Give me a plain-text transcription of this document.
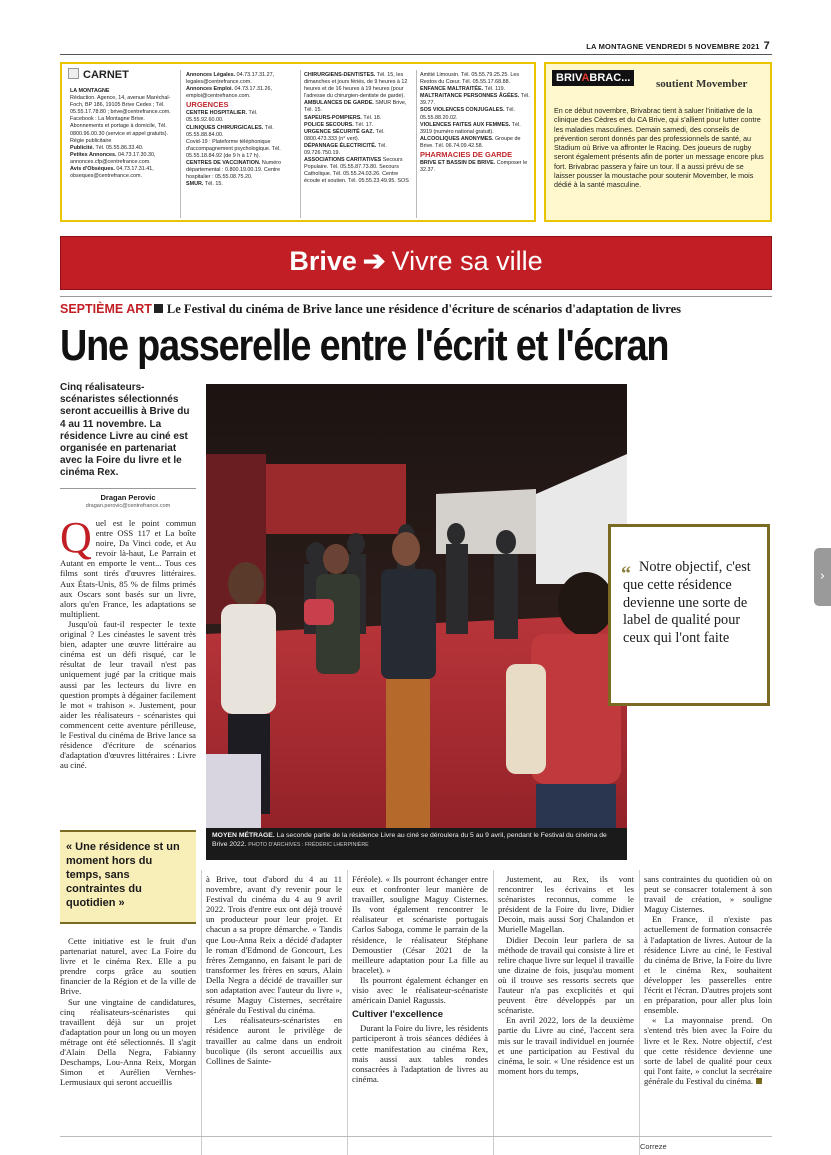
LA MONTAGNE VENDREDI 5 NOVEMBRE 2021 7
CARNET
LA MONTAGNE
Rédaction. Agence, 14, avenue Maréchal-Foch, BP 186, 19105 Brive Cedex ; Tél. 05.55.17.78.80 ; brive@centrefrance.com.
Facebook : La Montagne Brive.
Abonnements et portage à domicile, Tél. 0800.96.00.30 (service et appel gratuits).
Régie publicitaire
Publicité. Tél. 05.55.86.33.40.
Petites Annonces. 04.73.17.30.30, annonces.cfp@centrefrance.com.
Avis d'Obsèques. 04.73.17.31.41, obseques@centrefrance.com.
Annonces Légales. 04.73.17.31.27, legales@centrefrance.com.
Annonces Emploi. 04.73.17.31.26, emploi@centrefrance.com.
URGENCES
CENTRE HOSPITALIER. Tél. 05.55.92.60.00.
CLINIQUES CHIRURGICALES. Tél. 05.55.88.84.00.
Covid-19 : Plateforme téléphonique d'accompagnement psychologique. Tél. 05.55.18.84.92 (de 9 h à 17 h).
CENTRES DE VACCINATION. Numéro départemental : 0.800.19.00.19. Centre hospitalier : 05.55.08.75.20.
SMUR. Tél. 15.
CHIRURGIENS-DENTISTES. Tél. 15, les dimanches et jours fériés, de 9 heures à 12 heures et de 16 heures à 19 heures (pour l'adresse du chirurgien-dentiste de garde).
AMBULANCES DE GARDE. SMUR Brive, Tél. 15.
SAPEURS-POMPIERS. Tél. 18.
POLICE SECOURS. Tél. 17.
URGENCE SÉCURITÉ GAZ. Tél. 0800.473.333 (n° vert).
DÉPANNAGE ÉLECTRICITÉ. Tél. 09.726.750.19.
ASSOCIATIONS CARITATIVES Secours Populaire. Tél. 05.55.87.73.80. Secours Catholique. Tél. 05.55.24.03.26. Centre écoute et soutien. Tél. 05.55.23.49.95. SOS
Amitié Limousin. Tél. 05.55.79.25.25. Les Restos du Cœur. Tél. 05.55.17.68.88.
ENFANCE MALTRAITÉE. Tél. 119.
MALTRAITANCE PERSONNES ÂGÉES. Tél. 39.77.
SOS VIOLENCES CONJUGALES. Tél. 05.55.88.20.02.
VIOLENCES FAITES AUX FEMMES. Tél. 3919 (numéro national gratuit).
ALCOOLIQUES ANONYMES. Groupe de Brive. Tél. 06.74.09.42.58.
PHARMACIES DE GARDE
BRIVE ET BASSIN DE BRIVE. Composer le 32.37.
BRIVABRAC...	soutient Movember
En ce début novembre, Brivabrac tient à saluer l'initiative de la clinique des Cèdres et du CA Brive, qui s'allient pour lutter contre les maladies masculines. Demain samedi, des conseils de prévention seront donnés par des professionnels de santé, au Stadium où Brive va affronter le Racing. Des joueurs de rugby seront également présents afin de porter un message encore plus fort. Brivabrac passera y faire un tour. Il a aussi prévu de se laisser pousser la moustache pour soutenir Movember, le mois dédié à la santé masculine.
Brive ➔ Vivre sa ville
SEPTIÈME ART Le Festival du cinéma de Brive lance une résidence d'écriture de scénarios d'adaptation de livres
Une passerelle entre l'écrit et l'écran
Cinq réalisateurs-scénaristes sélectionnés seront accueillis à Brive du 4 au 11 novembre. La résidence Livre au ciné est organisée en partenariat avec la Foire du livre et le cinéma Rex.
Dragan Perovic
dragan.perovic@centrefrance.com
Q uel est le point commun entre OSS 117 et La boîte noire, Da Vinci code, et Au revoir là-haut, Le Parrain et Autant en emporte le vent... Tous ces films sont tirés d'œuvres littéraires. Aux États-Unis, 85 % de films primés aux Oscars sont basés sur un livre, alors qu'en France, les adaptations se multiplient.

Jusqu'où faut-il respecter le texte original ? Les cinéastes le savent très bien, adapter une œuvre littéraire au cinéma est un défi risqué, car le résultat de leur travail n'est pas uniquement jugé par la critique mais aussi par les lecteurs du livre en question prompts à dégainer facilement le mot « trahison ». Justement, pour aider les réalisateurs - scénaristes qui commencent cette aventure périlleuse, le Festival du cinéma de Brive lance sa résidence d'écriture de scénarios d'adaptation d'œuvres littéraires : Livre au ciné.

MOYEN MÉTRAGE. La seconde partie de la résidence Livre au ciné se déroulera du 5 au 9 avril, pendant le Festival du cinéma de Brive 2022. PHOTO D'ARCHIVES : FRÉDÉRIC LHERPINIÈRE
“ Notre objectif, c'est que cette résidence devienne une sorte de label de qualité pour ceux qui l'ont faite

« Une résidence st un moment hors du temps, sans contraintes du quotidien »

Cette initiative est le fruit d'un partenariat naturel, avec La Foire du livre et le cinéma Rex. Elle a pu prendre corps grâce au soutien financier de la Région et de la ville de Brive.

Sur une vingtaine de candidatures, cinq réalisateurs-scénaristes qui travaillent déjà sur un projet d'adaptation pour un long ou un moyen métrage ont été sélectionnés. Il s'agit d'Alain Della Negra, Fabianny Deschamps, Lou-Anna Reix, Morgan Simon et Aurélien Vernhes-Lermusiaux qui seront accueillis

à Brive, tout d'abord du 4 au 11 novembre, avant d'y revenir pour le Festival du cinéma du 4 au 9 avril 2022. Trois d'entre eux ont déjà trouvé un producteur pour leur projet. Et chacun a sa propre démarche. « Tandis que Lou-Anna Reix a décidé d'adapter le roman d'Edmond de Goncourt, Les frères Zemganno, en faisant le pari de transformer les frères en sœurs, Alain Della Negra a décidé de travailler sur son adaptation avec l'auteur du livre », résume Maguy Cisternes, secrétaire générale du Festival du cinéma.

Les réalisateurs-scénaristes en résidence auront le privilège de travailler au calme dans un endroit bucolique (ils seront accueillis aux Collines de Sainte-

Féréole). « Ils pourront échanger entre eux et confronter leur manière de travailler, souligne Maguy Cisternes. Ils vont également rencontrer le réalisateur et scénariste portugais Carlos Saboga, comme le parrain de la résidence, le réalisateur Stéphane Demoustier (César 2021 de la meilleure adaptation pour La fille au bracelet). »

Ils pourront également échanger en visio avec le réalisateur-scénariste américain Daniel Ragussis.

Cultiver l'excellence

Durant la Foire du livre, les résidents participeront à trois séances dédiées à cette manifestation au cinéma Rex, mais aussi aux tables rondes consacrées à l'adaptation de livres au cinéma.

Justement, au Rex, ils vont rencontrer les écrivains et les scénaristes reconnus, comme le président de la Foire du livre, Didier Decoin, mais aussi Sorj Chalandon et Murielle Magellan.

Didier Decoin leur parlera de sa méthode de travail qui consiste à lire et relire chaque livre sur lequel il travaille une dizaine de fois, jusqu'au moment où il trouve ses ressorts secrets que l'auteur n'a pas excplicités et qui peuvent être développés par un scénariste.

En avril 2022, lors de la deuxième partie du Livre au ciné, l'accent sera mis sur le travail individuel en journée et une participation au Festival du cinéma, le soir. « Une résidence est un moment hors du temps,

sans contraintes du quotidien où on peut se consacrer totalement à son travail de création, » souligne Maguy Cisternes.

En France, il n'existe pas actuellement de formation consacrée à l'adaptation de livres. Autour de la résidence Livre au ciné, le Festival du cinéma de Brive, la Foire du livre et le cinéma Rex, souhaitent développer les passerelles entre l'écrit et l'écran. D'autres projets sont en préparation, pour aller plus loin ensemble.

« La mayonnaise prend. On s'entend très bien avec la Foire du livre et le Rex. Notre objectif, c'est que cette résidence devienne une sorte de label de qualité pour ceux qui l'ont faite, » conclut la secrétaire générale du Festival du cinéma.

Correze
›
